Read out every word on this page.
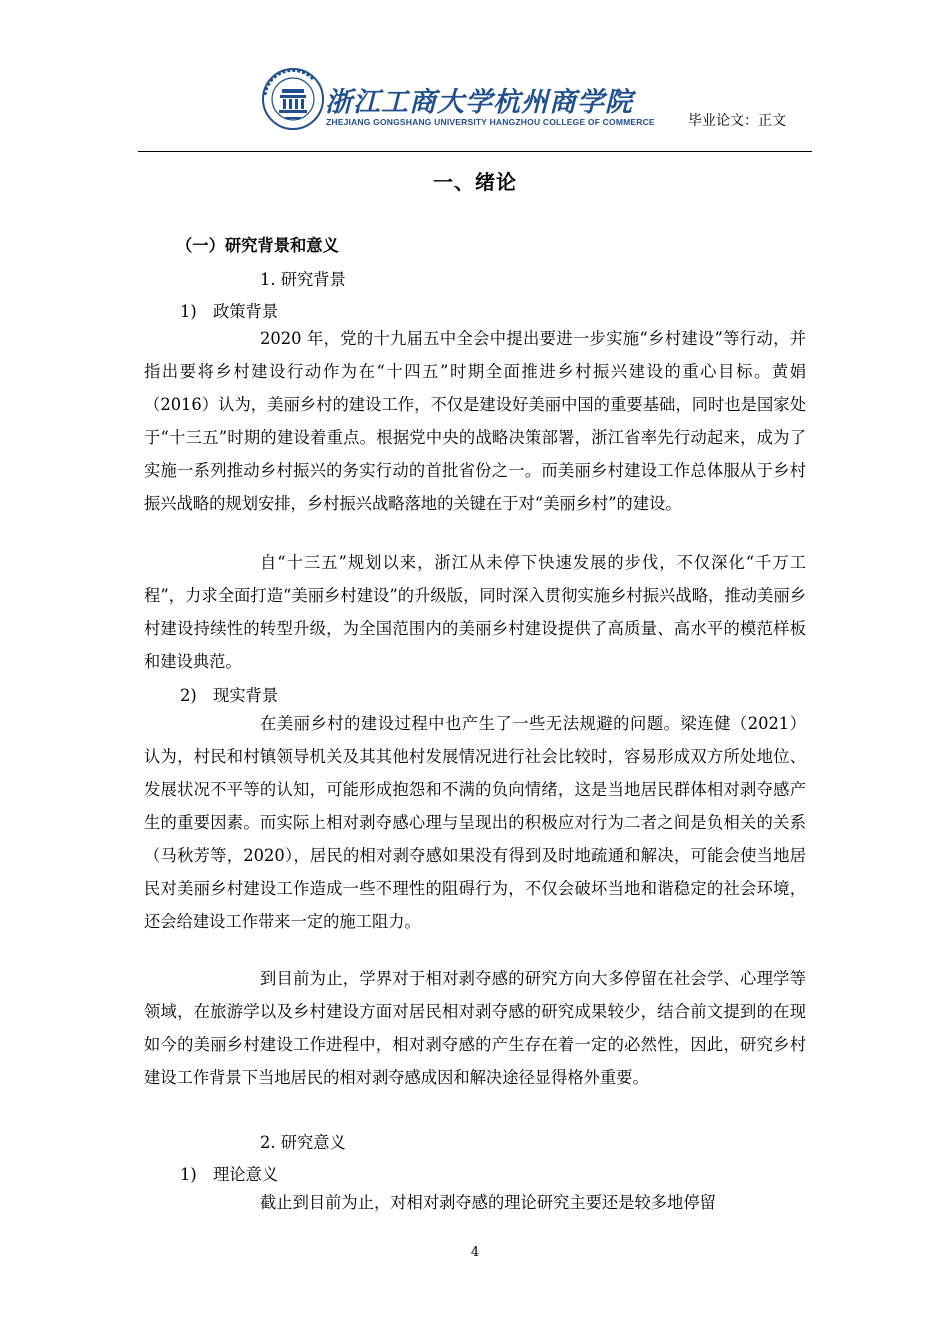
浙江工商大学杭州商学院
ZHEJIANG GONGSHANG UNIVERSITY HANGZHOU COLLEGE OF COMMERCE 毕业论文：正文
一、绪论
（一）研究背景和意义
1. 研究背景
1)　政策背景
2020 年，党的十九届五中全会中提出要进一步实施“乡村建设”等行动，并指出要将乡村建设行动作为在“十四五”时期全面推进乡村振兴建设的重心目标。黄娟（2016）认为，美丽乡村的建设工作，不仅是建设好美丽中国的重要基础，同时也是国家处于“十三五”时期的建设着重点。根据党中央的战略决策部署，浙江省率先行动起来，成为了实施一系列推动乡村振兴的务实行动的首批省份之一。而美丽乡村建设工作总体服从于乡村振兴战略的规划安排，乡村振兴战略落地的关键在于对“美丽乡村”的建设。
自“十三五”规划以来，浙江从未停下快速发展的步伐，不仅深化“千万工程”，力求全面打造“美丽乡村建设”的升级版，同时深入贯彻实施乡村振兴战略，推动美丽乡村建设持续性的转型升级，为全国范围内的美丽乡村建设提供了高质量、高水平的模范样板和建设典范。
2)　现实背景
在美丽乡村的建设过程中也产生了一些无法规避的问题。梁连健（2021）认为，村民和村镇领导机关及其其他村发展情况进行社会比较时，容易形成双方所处地位、发展状况不平等的认知，可能形成抱怨和不满的负向情绪，这是当地居民群体相对剥夺感产生的重要因素。而实际上相对剥夺感心理与呈现出的积极应对行为二者之间是负相关的关系（马秋芳等，2020），居民的相对剥夺感如果没有得到及时地疏通和解决，可能会使当地居民对美丽乡村建设工作造成一些不理性的阻碍行为，不仅会破坏当地和谐稳定的社会环境，还会给建设工作带来一定的施工阻力。
到目前为止，学界对于相对剥夺感的研究方向大多停留在社会学、心理学等领域，在旅游学以及乡村建设方面对居民相对剥夺感的研究成果较少，结合前文提到的在现如今的美丽乡村建设工作进程中，相对剥夺感的产生存在着一定的必然性，因此，研究乡村建设工作背景下当地居民的相对剥夺感成因和解决途径显得格外重要。
2. 研究意义
1)　理论意义
截止到目前为止，对相对剥夺感的理论研究主要还是较多地停留
4
